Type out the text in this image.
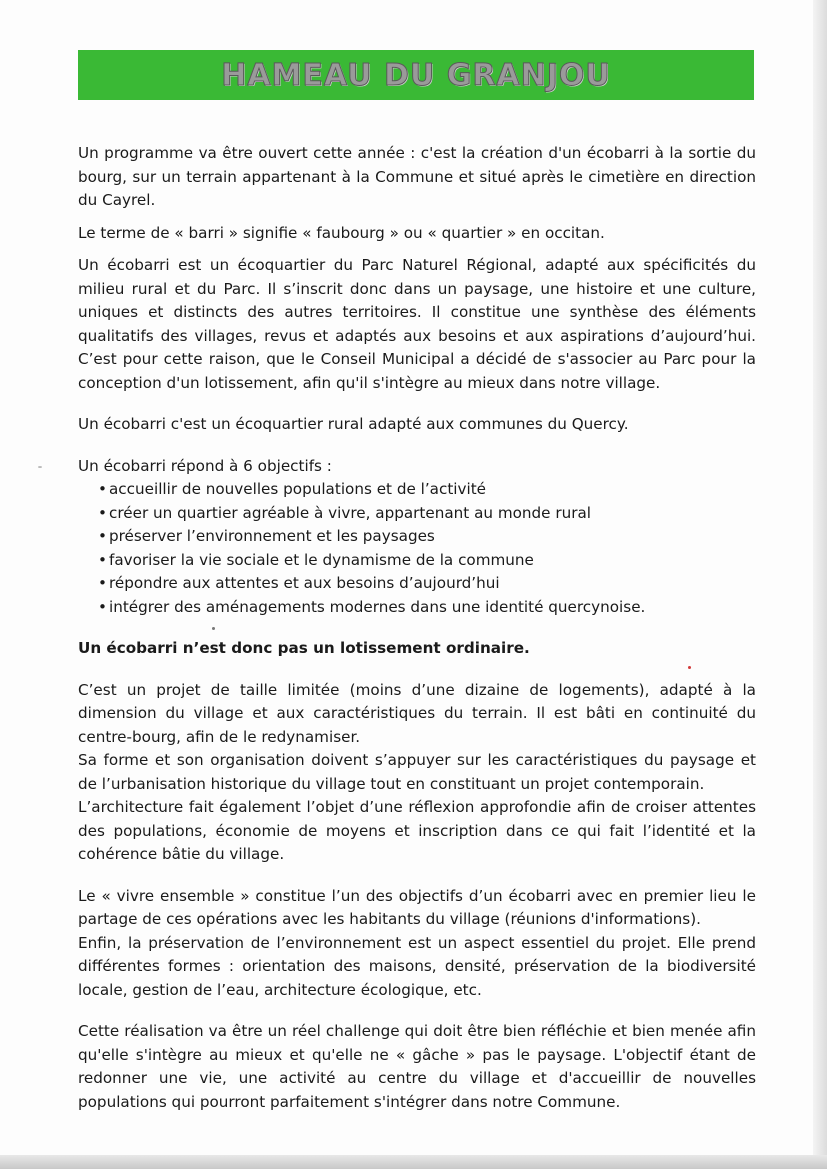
HAMEAU DU GRANJOU

Un programme va être ouvert cette année : c'est la création d'un écobarri à la sortie du bourg, sur un terrain appartenant à la Commune et situé après le cimetière en direction du Cayrel.

Le terme de « barri » signifie « faubourg » ou « quartier » en occitan.

Un écobarri est un écoquartier du Parc Naturel Régional, adapté aux spécificités du milieu rural et du Parc. Il s’inscrit donc dans un paysage, une histoire et une culture, uniques et distincts des autres territoires. Il constitue une synthèse des éléments qualitatifs des villages, revus et adaptés aux besoins et aux aspirations d’aujourd’hui. C’est pour cette raison, que le Conseil Municipal a décidé de s'associer au Parc pour la conception d'un lotissement, afin qu'il s'intègre au mieux dans notre village.

Un écobarri c'est un écoquartier rural adapté aux communes du Quercy.

Un écobarri répond à 6 objectifs :

• accueillir de nouvelles populations et de l’activité
• créer un quartier agréable à vivre, appartenant au monde rural
• préserver l’environnement et les paysages
• favoriser la vie sociale et le dynamisme de la commune
• répondre aux attentes et aux besoins d’aujourd’hui
• intégrer des aménagements modernes dans une identité quercynoise.

Un écobarri n’est donc pas un lotissement ordinaire.

C’est un projet de taille limitée (moins d’une dizaine de logements), adapté à la dimension du village et aux caractéristiques du terrain. Il est bâti en continuité du centre-bourg, afin de le redynamiser.

Sa forme et son organisation doivent s’appuyer sur les caractéristiques du paysage et de l’urbanisation historique du village tout en constituant un projet contemporain.

L’architecture fait également l’objet d’une réflexion approfondie afin de croiser attentes des populations, économie de moyens et inscription dans ce qui fait l’identité et la cohérence bâtie du village.

Le « vivre ensemble » constitue l’un des objectifs d’un écobarri avec en premier lieu le partage de ces opérations avec les habitants du village (réunions d'informations).

Enfin, la préservation de l’environnement est un aspect essentiel du projet. Elle prend différentes formes : orientation des maisons, densité, préservation de la biodiversité locale, gestion de l’eau, architecture écologique, etc.

Cette réalisation va être un réel challenge qui doit être bien réfléchie et bien menée afin qu'elle s'intègre au mieux et qu'elle ne « gâche » pas le paysage. L'objectif étant de redonner une vie, une activité au centre du village et d'accueillir de nouvelles populations qui pourront parfaitement s'intégrer dans notre Commune.
